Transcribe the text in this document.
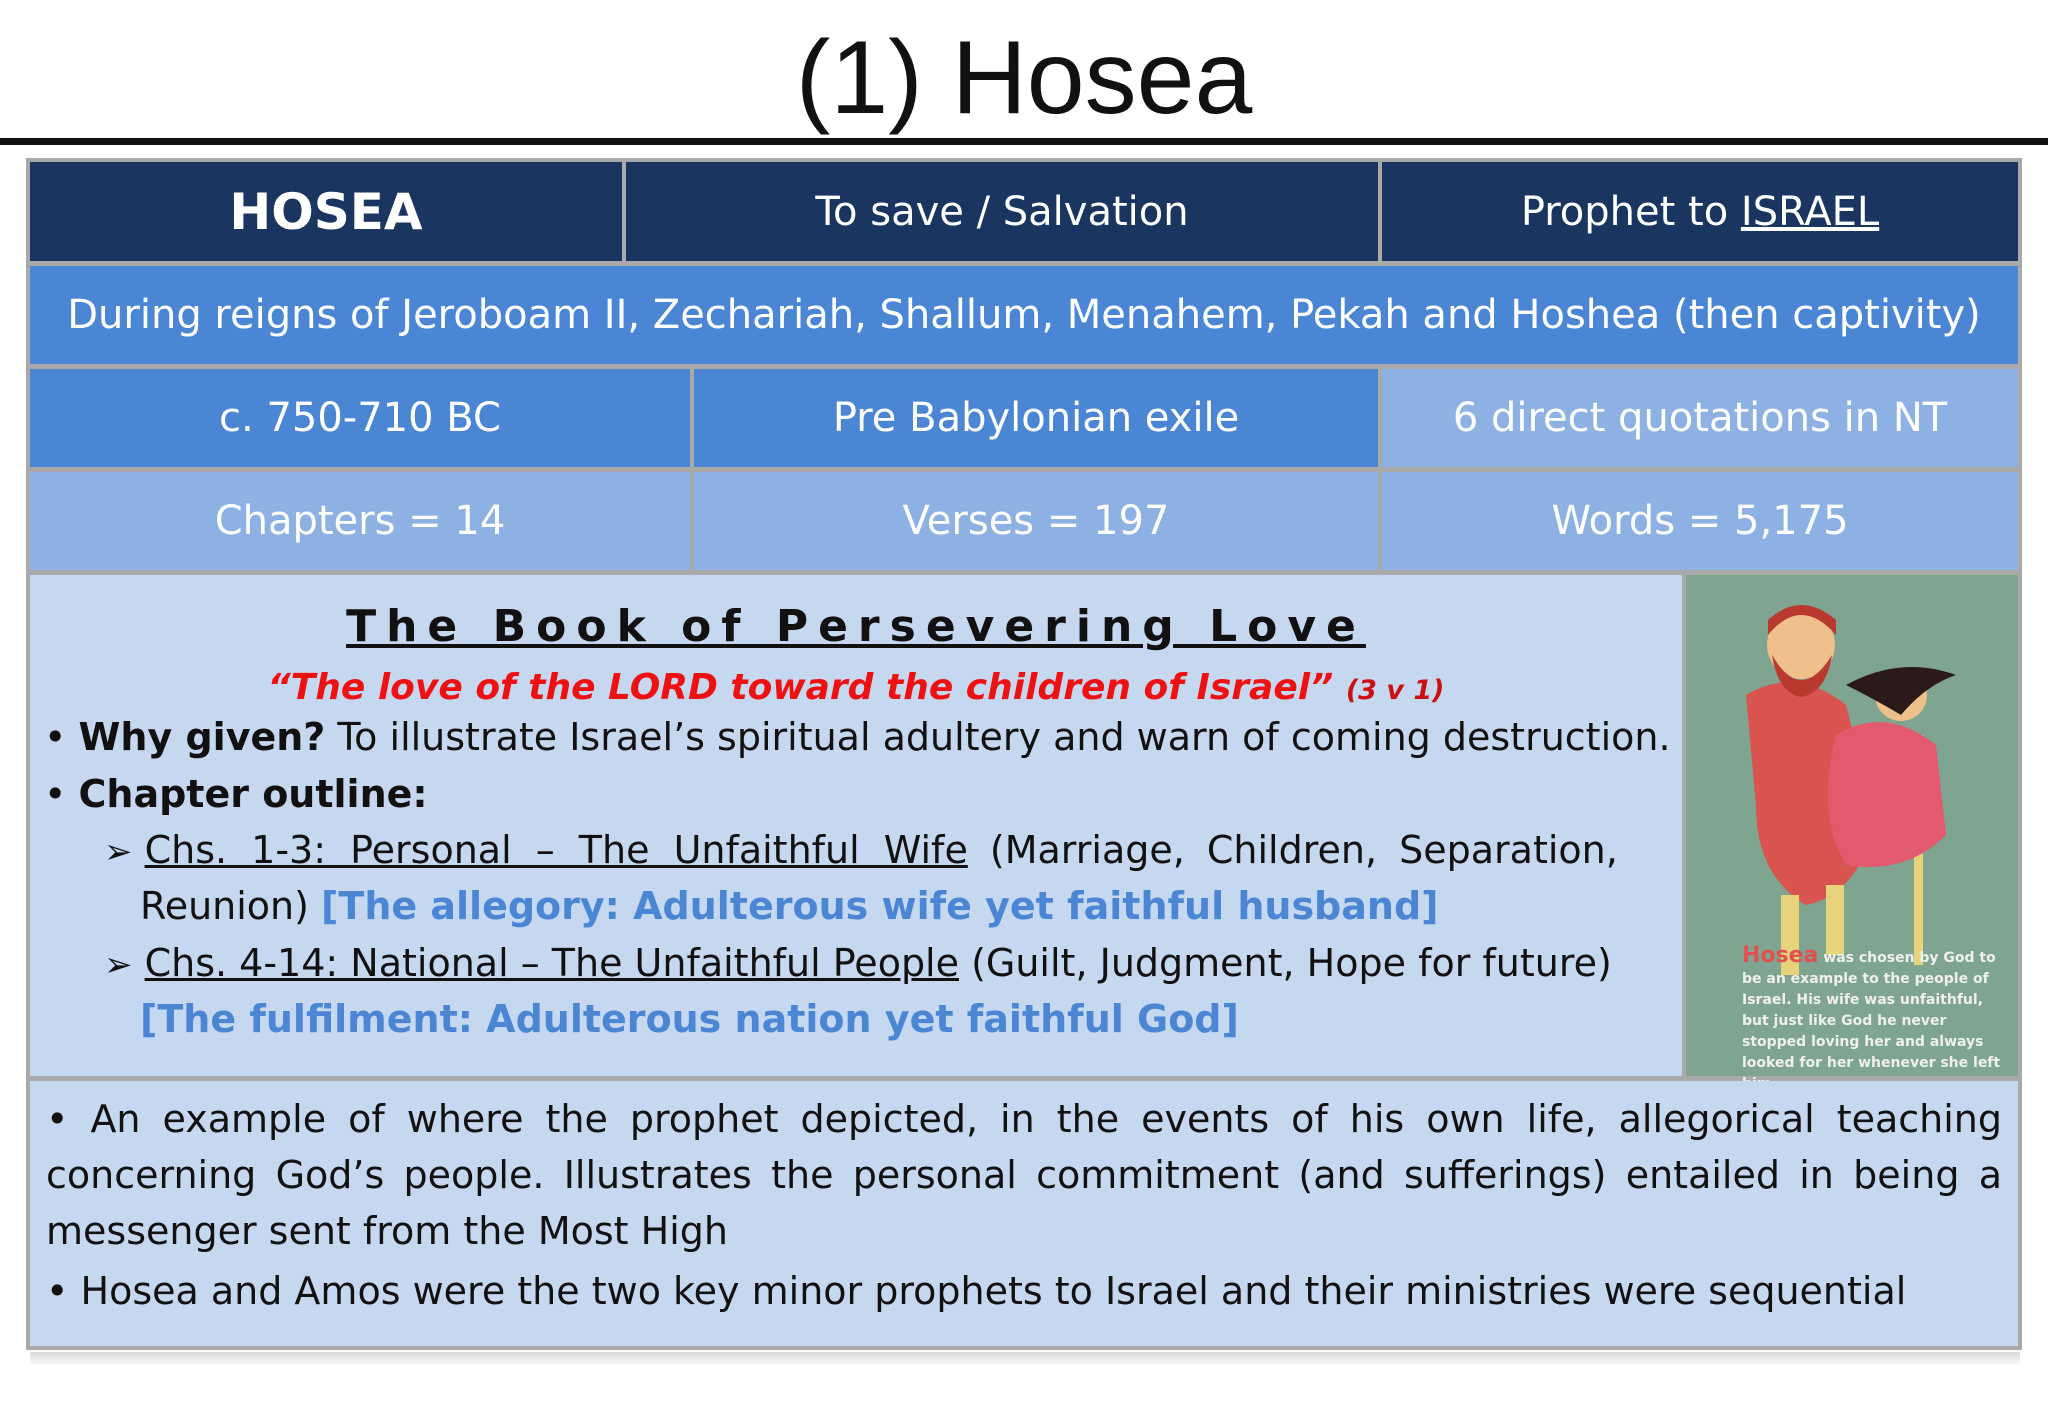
(1) Hosea
HOSEA	To save / Salvation	Prophet to ISRAEL
During reigns of Jeroboam II, Zechariah, Shallum, Menahem, Pekah and Hoshea (then captivity)
c. 750-710 BC	Pre Babylonian exile	6 direct quotations in NT
Chapters = 14	Verses = 197	Words = 5,175
The Book of Persevering Love
“The love of the LORD toward the children of Israel” (3 v 1)
• Why given? To illustrate Israel’s spiritual adultery and warn of coming destruction.
• Chapter outline:
➢ Chs. 1-3: Personal – The Unfaithful Wife (Marriage, Children, Separation,
Reunion) [The allegory: Adulterous wife yet faithful husband]
➢ Chs. 4-14: National – The Unfaithful People (Guilt, Judgment, Hope for future)
[The fulfilment: Adulterous nation yet faithful God]
Hosea was chosen by God to be an example to the people of Israel. His wife was unfaithful, but just like God he never stopped loving her and always looked for her whenever she left
• An example of where the prophet depicted, in the events of his own life, allegorical teaching concerning God’s people. Illustrates the personal commitment (and sufferings) entailed in being a messenger sent from the Most High
• Hosea and Amos were the two key minor prophets to Israel and their ministries were sequential
